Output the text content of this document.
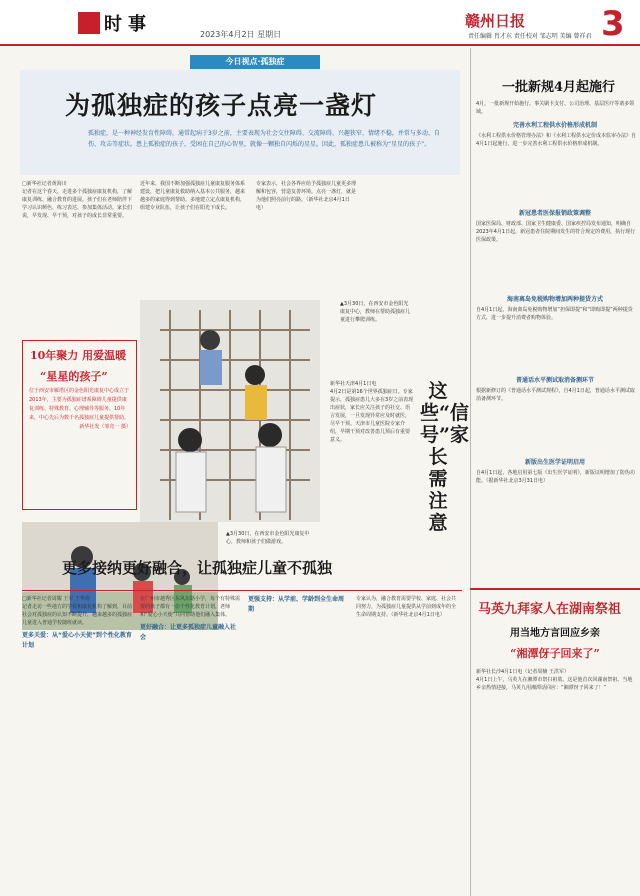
时事	2023年4月2日 星期日
赣州日报
责任编辑 肖才东 责任校对 邹志明 美编 曾祥君 3
今日视点·孤独症
为孤独症的孩子点亮一盏灯
孤独症，是一种神经发育性障碍，通常起病于3岁之前，主要表现为社会交往障碍、交流障碍、兴趣狭窄、情绪不稳，并常与多动、自伤、攻击等症状。患上孤独症的孩子，受困在自己的心智里，就像一颗独自闪烁的星星。因此，孤独症患儿被称为“星星的孩子”。
□新华社记者黄海川
记者在这个春天，走进多个孤独症康复机构，了解康复训练、融合教育的进展。孩子们在老师陪伴下学习认识颜色、练习表达、参加集体活动。家长们说，早发现、早干预，对孩子的成长非常重要。
近年来，我国不断加强孤独症儿童康复服务体系建设，把儿童康复救助纳入基本公共服务，越来越多的家庭得到帮助。多地建立定点康复机构，组建专业队伍，让孩子们在阳光下成长。
专家表示，社会各界应给予孤独症儿童更多理解和包容，营造友善环境。点亮一盏灯，就是为他们照亮前行的路。（新华社北京4月1日电）
位于西安市雁塔区的金色阳光康复中心成立于2013年，主要为孤独症谱系障碍儿童提供康复训练、特殊教育、心理辅导等服务。10年来，中心先后为数千名孤独症儿童提供帮助。
新华社发（邹竞一 摄）
10年聚力 用爱温暖
“星星的孩子”
▲3月30日，在西安市金色阳光康复中心，教师在帮助孤独症儿童进行攀爬训练。
▲3月30日，在西安市金色阳光康复中心，教师和孩子们做游戏。
新华社天津4月1日电
4月2日是第16个世界孤独症日。专家提示，孤独症患儿大多在3岁之前表现出症状，家长应关注孩子的社交、语言发展，一旦发现异常应及时就医，尽早干预。天津市儿童医院专家介绍，早期干预对改善患儿预后有重要意义。
这些“信号”家长需注意
更多接纳更好融合，让孤独症儿童不孤独
□新华社记者周耀 王军 王华倩
记者走访一些地方的学校和康复机构了解到，目前社会对孤独症的认知不断提升，越来越多的孤独症儿童进入普通学校随班就读。
更多关爱：从“爱心小天使”到个性化教育计划
在广州市越秀区东风东路小学，每个有特殊需要的孩子都有一份个性化教育计划，老师和“爱心小天使”共同帮助他们融入集体。
更好融合：让更多孤独症儿童融入社会
更强支持：从学前、学龄到全生命周期
专家认为，融合教育需要学校、家庭、社会共同努力，为孤独症儿童提供从学前到成年的全生命周期支持。（新华社北京4月1日电）
一批新规4月起施行
4月，一批新规开始施行。事关刷卡支付、公司治理、基层医疗等诸多领域。
完善水利工程供水价格形成机制
《水利工程供水价格管理办法》和《水利工程供水定价成本监审办法》自4月1日起施行，进一步完善水利工程供水价格形成机制。
新冠患者医保报销政策调整
国家医保局、财政部、国家卫生健康委、国家疾控局发布通知，明确自2023年4月1日起，新冠患者住院期间发生的符合规定的费用，执行现行医保政策。
海南离岛免税购物增加两种提货方式
自4月1日起，海南离岛免税购物增加“担保即提”和“即购即提”两种提货方式，进一步提升消费者购物体验。
普通话水平测试取消备测环节
根据新修订的《普通话水平测试规程》，自4月1日起，普通话水平测试取消备测环节。
新版出生医学证明启用
自4月1日起，各地启用第七版《出生医学证明》，新版证明增加了防伪功能。（据新华社北京3月31日电）
马英九拜家人在湖南祭祖
用当地方言回应乡亲
“湘潭伢子回来了”
新华社长沙4月1日电（记者周楠 王洪军）
4月1日上午，马英九在湘潭市祭扫祖墓。这是他首次回湖南祭祖。当地乡亲热情迎接，马英九用湘潭话回应：“湘潭伢子回来了！”
